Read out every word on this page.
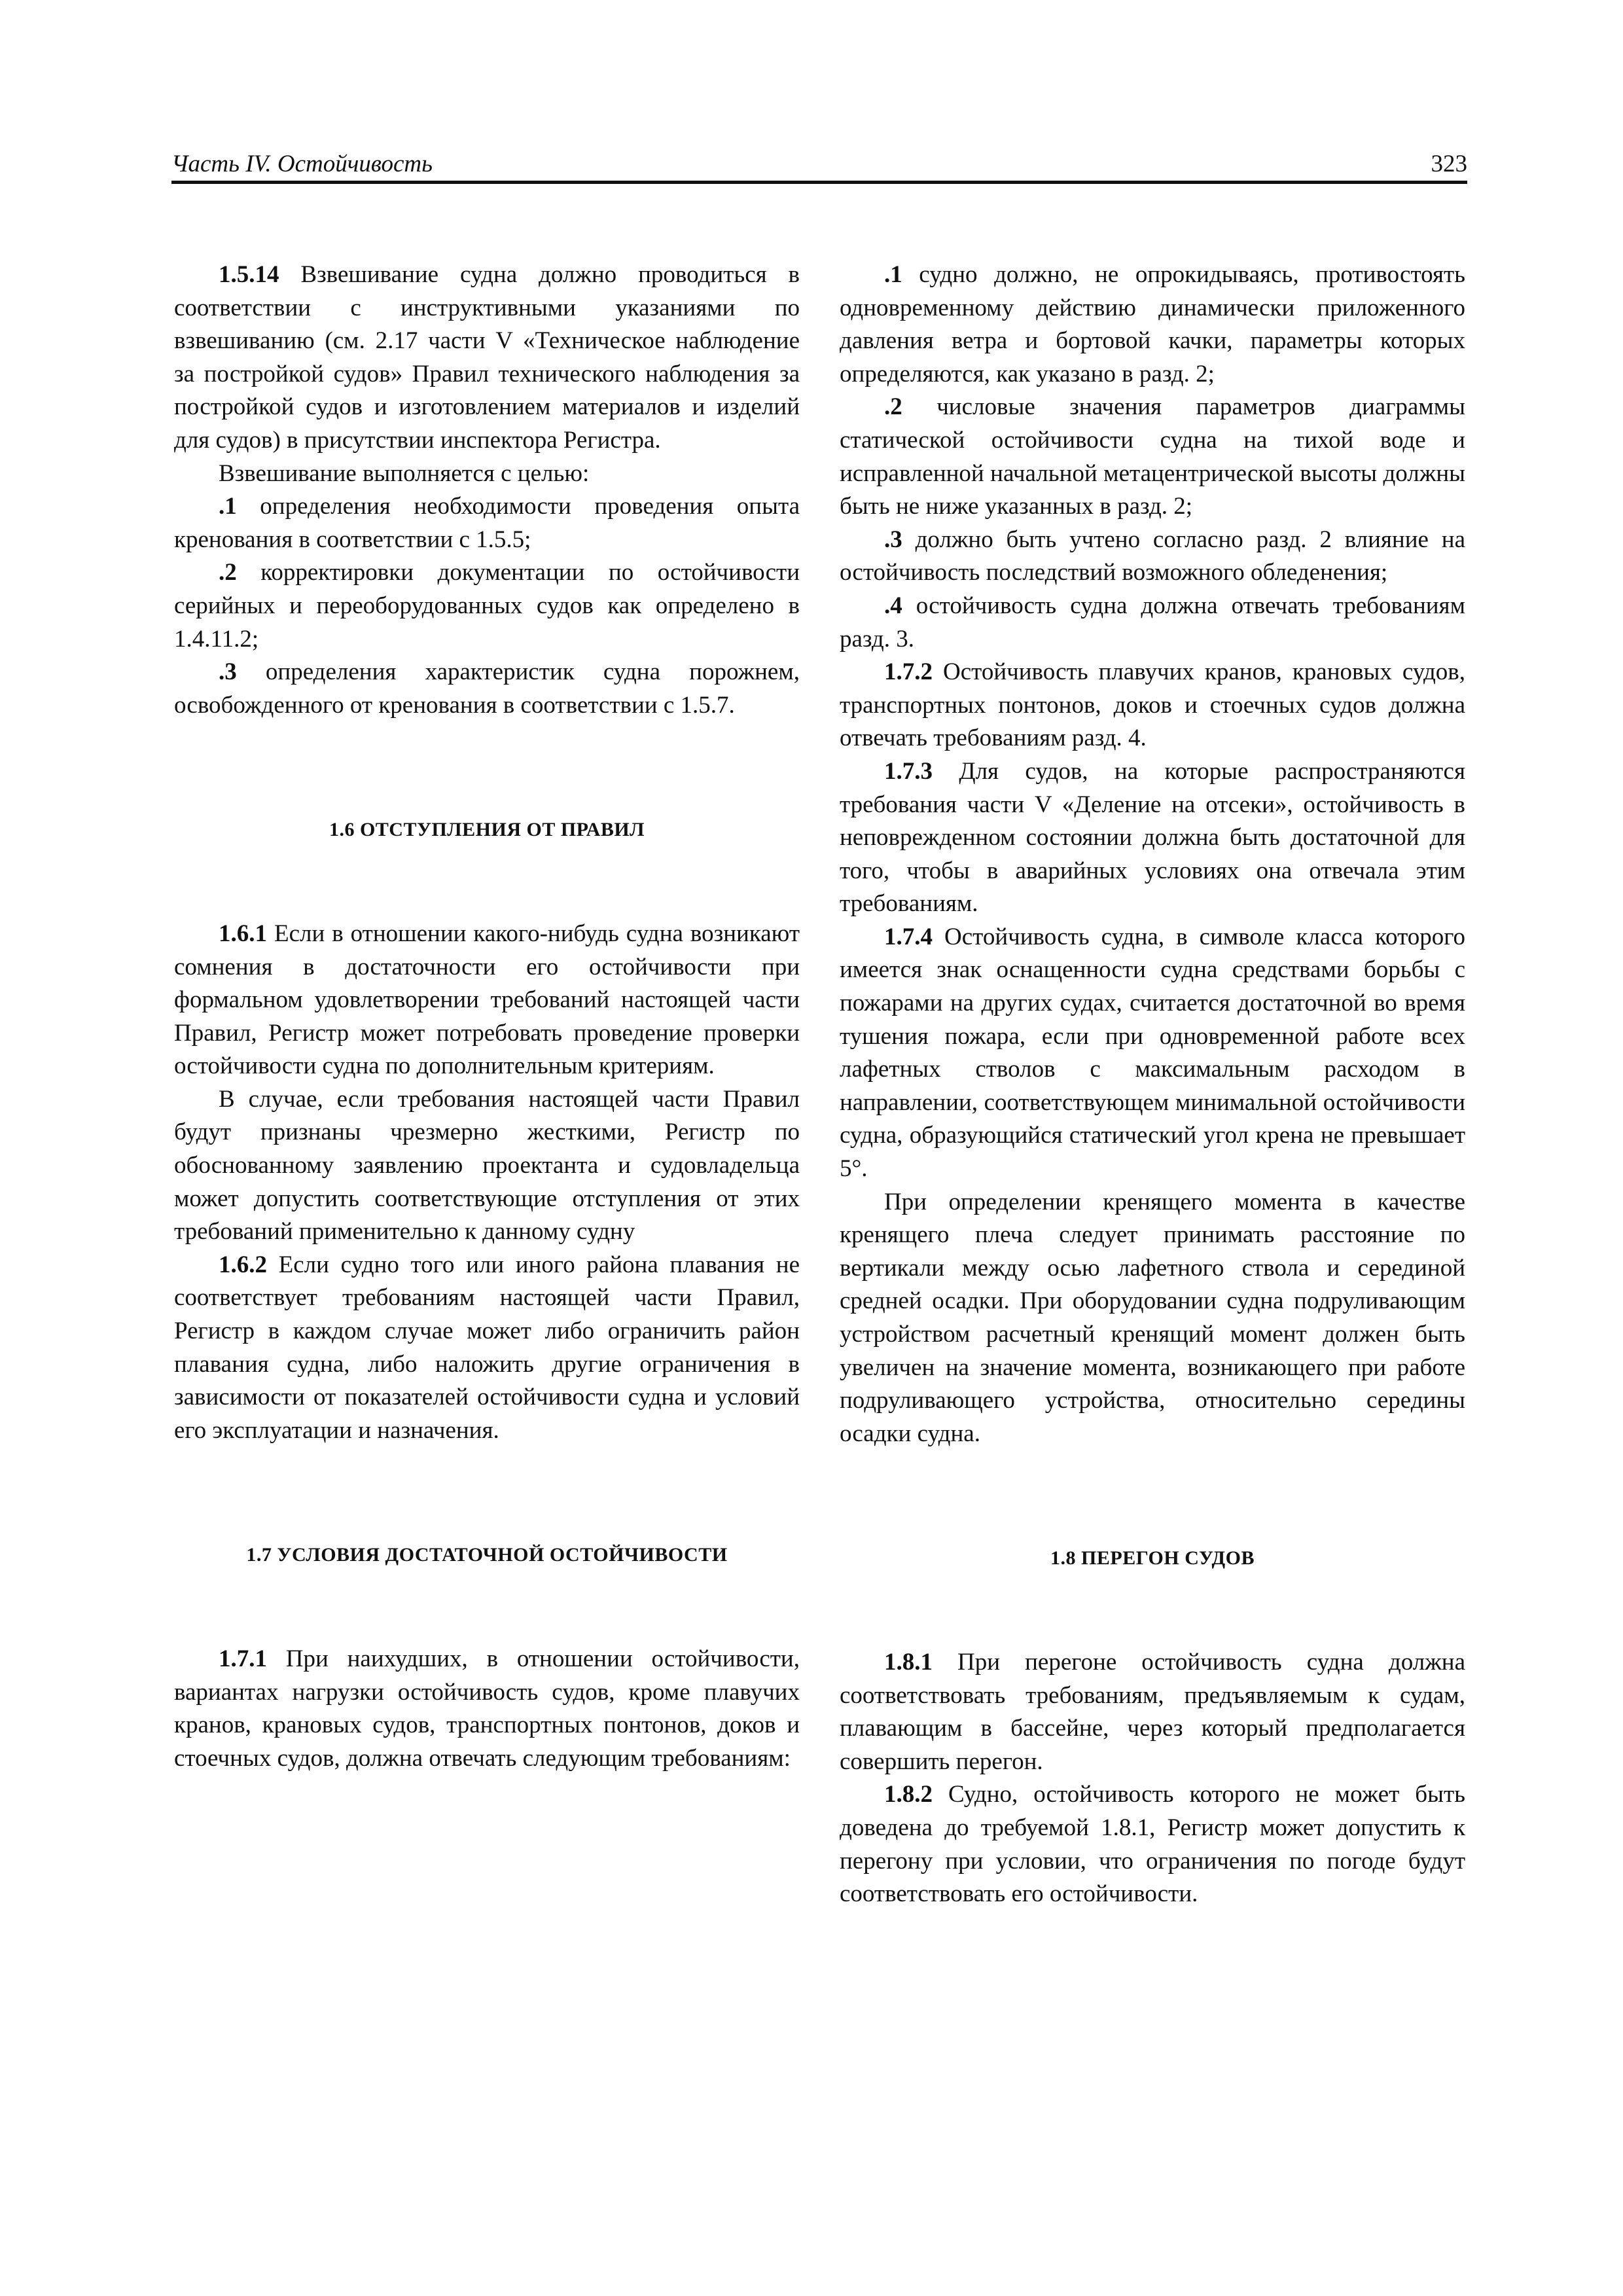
Часть IV. Остойчивость	323

1.5.14 Взвешивание судна должно проводиться в соответствии с инструктивными указаниями по взвешиванию (см. 2.17 части V «Техническое наблюдение за постройкой судов» Правил технического наблюдения за постройкой судов и изготовлением материалов и изделий для судов) в присутствии инспектора Регистра.

Взвешивание выполняется с целью:

.1 определения необходимости проведения опыта кренования в соответствии с 1.5.5;

.2 корректировки документации по остойчивости серийных и переоборудованных судов как определено в 1.4.11.2;

.3 определения характеристик судна порожнем, освобожденного от кренования в соответствии с 1.5.7.

1.6 ОТСТУПЛЕНИЯ ОТ ПРАВИЛ

1.6.1 Если в отношении какого-нибудь судна возникают сомнения в достаточности его остойчивости при формальном удовлетворении требований настоящей части Правил, Регистр может потребовать проведение проверки остойчивости судна по дополнительным критериям.

В случае, если требования настоящей части Правил будут признаны чрезмерно жесткими, Регистр по обоснованному заявлению проектанта и судовладельца может допустить соответствующие отступления от этих требований применительно к данному судну

1.6.2 Если судно того или иного района плавания не соответствует требованиям настоящей части Правил, Регистр в каждом случае может либо ограничить район плавания судна, либо наложить другие ограничения в зависимости от показателей остойчивости судна и условий его эксплуатации и назначения.

1.7 УСЛОВИЯ ДОСТАТОЧНОЙ ОСТОЙЧИВОСТИ

1.7.1 При наихудших, в отношении остойчивости, вариантах нагрузки остойчивость судов, кроме плавучих кранов, крановых судов, транспортных понтонов, доков и стоечных судов, должна отвечать следующим требованиям:

.1 судно должно, не опрокидываясь, противостоять одновременному действию динамически приложенного давления ветра и бортовой качки, параметры которых определяются, как указано в разд. 2;

.2 числовые значения параметров диаграммы статической остойчивости судна на тихой воде и исправленной начальной метацентрической высоты должны быть не ниже указанных в разд. 2;

.3 должно быть учтено согласно разд. 2 влияние на остойчивость последствий возможного обледенения;

.4 остойчивость судна должна отвечать требованиям разд. 3.

1.7.2 Остойчивость плавучих кранов, крановых судов, транспортных понтонов, доков и стоечных судов должна отвечать требованиям разд. 4.

1.7.3 Для судов, на которые распространяются требования части V «Деление на отсеки», остойчивость в неповрежденном состоянии должна быть достаточной для того, чтобы в аварийных условиях она отвечала этим требованиям.

1.7.4 Остойчивость судна, в символе класса которого имеется знак оснащенности судна средствами борьбы с пожарами на других судах, считается достаточной во время тушения пожара, если при одновременной работе всех лафетных стволов с максимальным расходом в направлении, соответствующем минимальной остойчивости судна, образующийся статический угол крена не превышает 5°.

При определении кренящего момента в качестве кренящего плеча следует принимать расстояние по вертикали между осью лафетного ствола и серединой средней осадки. При оборудовании судна подруливающим устройством расчетный кренящий момент должен быть увеличен на значение момента, возникающего при работе подруливающего устройства, относительно середины осадки судна.

1.8 ПЕРЕГОН СУДОВ

1.8.1 При перегоне остойчивость судна должна соответствовать требованиям, предъявляемым к судам, плавающим в бассейне, через который предполагается совершить перегон.

1.8.2 Судно, остойчивость которого не может быть доведена до требуемой 1.8.1, Регистр может допустить к перегону при условии, что ограничения по погоде будут соответствовать его остойчивости.
